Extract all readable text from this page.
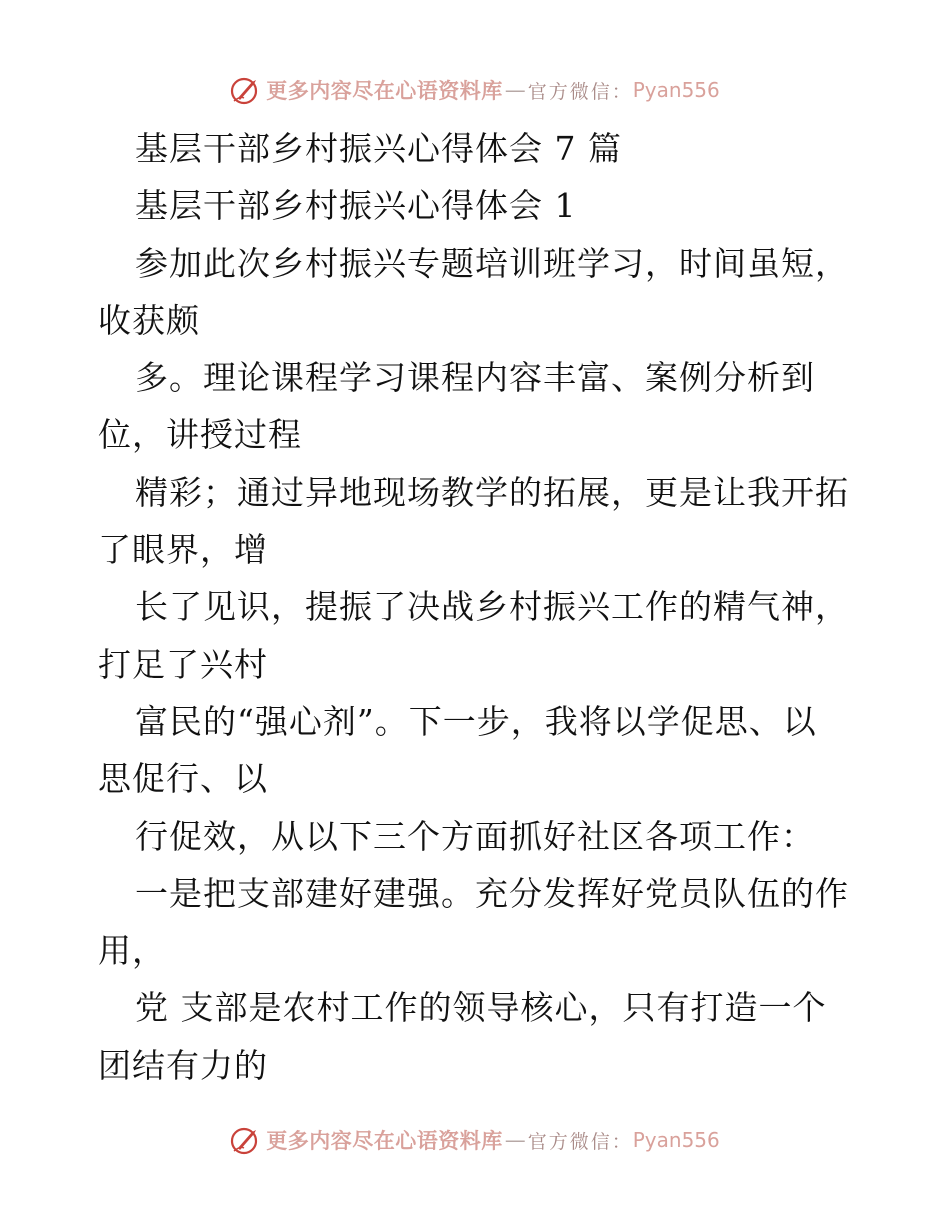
更多内容尽在心语资料库 — 官方微信： Pyan556
基层干部乡村振兴心得体会 7 篇
基层干部乡村振兴心得体会 1
参加此次乡村振兴专题培训班学习，时间虽短，
收获颇
多。理论课程学习课程内容丰富、案例分析到
位，讲授过程
精彩；通过异地现场教学的拓展，更是让我开拓
了眼界，增
长了见识，提振了决战乡村振兴工作的精气神，
打足了兴村
富民的“强心剂”。下一步，我将以学促思、以
思促行、以
行促效，从以下三个方面抓好社区各项工作：
一是把支部建好建强。充分发挥好党员队伍的作
用，
党 支部是农村工作的领导核心，只有打造一个
团结有力的
更多内容尽在心语资料库 — 官方微信： Pyan556
